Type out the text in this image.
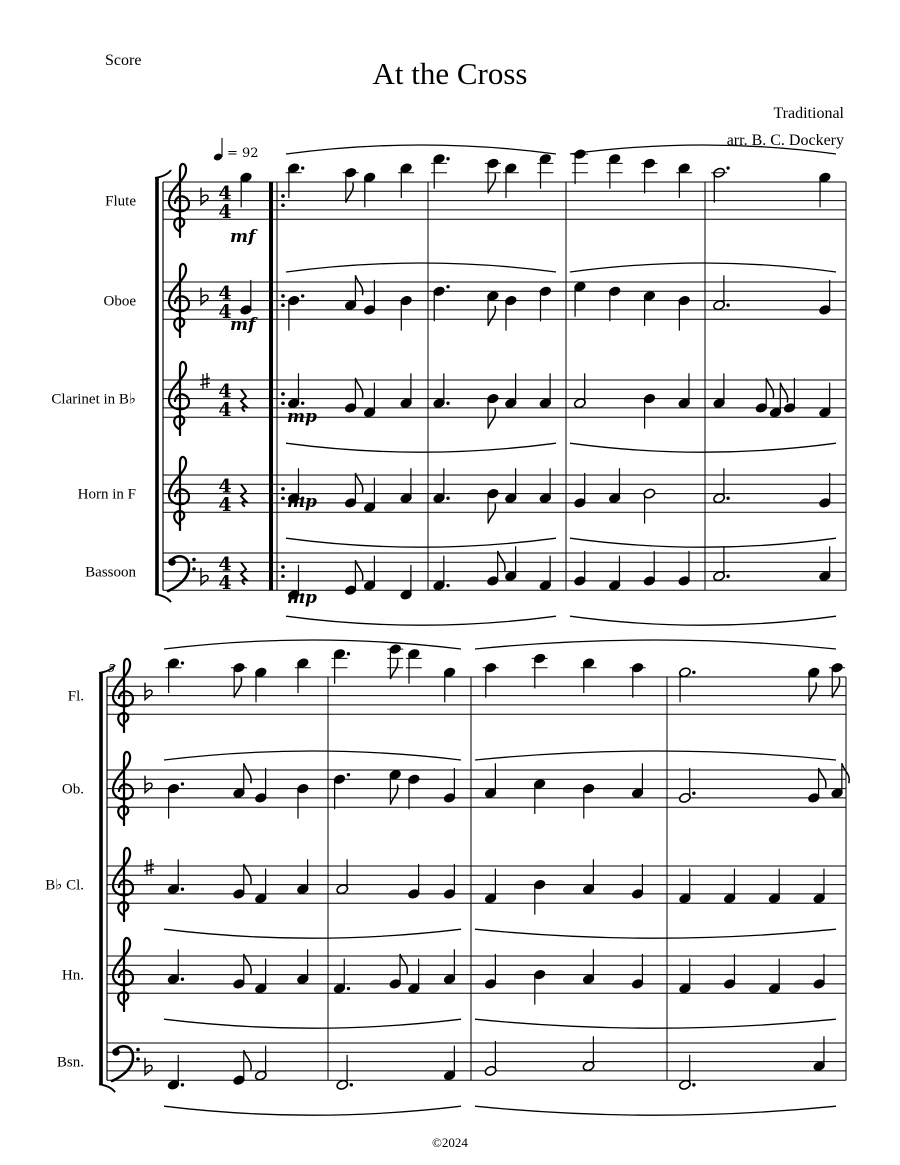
Score	At the Cross
Traditional
arr. B. C. Dockery
Flute
Oboe
Clarinet in B♭
Horn in F
Bassoon
4
4
4
4
4
4
4
4
4
4
= 92
mf
mf
mp
mp
mp
Fl.
Ob.
B♭ Cl.
Hn.
Bsn.
5
©2024
